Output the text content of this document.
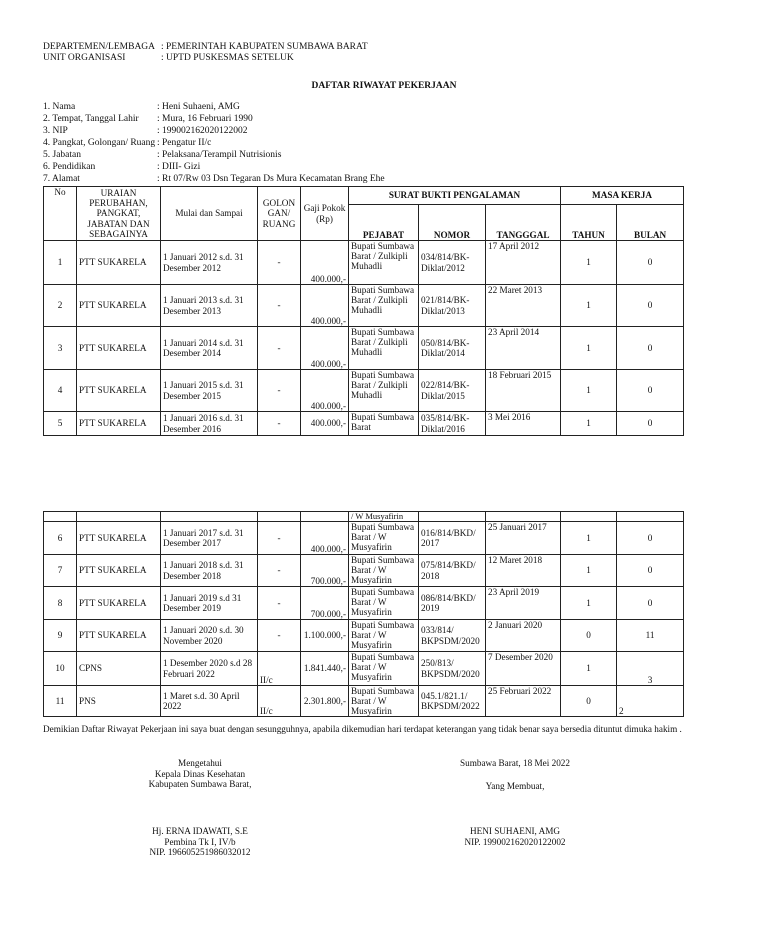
DEPARTEMEN/LEMBAGA : PEMERINTAH KABUPATEN SUMBAWA BARAT
UNIT ORGANISASI	: UPTD PUSKESMAS SETELUK
DAFTAR RIWAYAT PEKERJAAN
1. Nama	: Heni Suhaeni, AMG
2. Tempat, Tanggal Lahir	: Mura, 16 Februari 1990
3. NIP	: 199002162020122002
4. Pangkat, Golongan/ Ruang : Pengatur II/c
5. Jabatan	: Pelaksana/Terampil Nutrisionis
6. Pendidikan	: DIII- Gizi
7. Alamat	: Rt 07/Rw 03 Dsn Tegaran Ds Mura Kecamatan Brang Ehe
No	URAIAN PERUBAHAN, PANGKAT, JABATAN DAN SEBAGAINYA	Mulai dan Sampai	GOLON GAN/ RUANG	Gaji Pokok (Rp)	SURAT BUKTI PENGALAMAN			MASA KERJA	
					PEJABAT	NOMOR	TANGGGAL	TAHUN	BULAN
1	PTT SUKARELA	1 Januari 2012 s.d. 31 Desember 2012	-	400.000,-	Bupati Sumbawa Barat / Zulkipli Muhadli	034/814/BK-Diklat/2012	17 April 2012	1	0
2	PTT SUKARELA	1 Januari 2013 s.d. 31 Desember 2013	-	400.000,-	Bupati Sumbawa Barat / Zulkipli Muhadli	021/814/BK-Diklat/2013	22 Maret 2013	1	0
3	PTT SUKARELA	1 Januari 2014 s.d. 31 Desember 2014	-	400.000,-	Bupati Sumbawa Barat / Zulkipli Muhadli	050/814/BK-Diklat/2014	23 April 2014	1	0
4	PTT SUKARELA	1 Januari 2015 s.d. 31 Desember 2015	-	400.000,-	Bupati Sumbawa Barat / Zulkipli Muhadli	022/814/BK-Diklat/2015	18 Februari 2015	1	0
5	PTT SUKARELA	1 Januari 2016 s.d. 31 Desember 2016	-	400.000,-	Bupati Sumbawa Barat	035/814/BK-Diklat/2016	3 Mei 2016	1	0
					/ W Musyafirin				
6	PTT SUKARELA	1 Januari 2017 s.d. 31 Desember 2017	-	400.000,-	Bupati Sumbawa Barat / W Musyafirin	016/814/BKD/ 2017	25 Januari 2017	1	0
7	PTT SUKARELA	1 Januari 2018 s.d. 31 Desember 2018	-	700.000,-	Bupati Sumbawa Barat / W Musyafirin	075/814/BKD/ 2018	12 Maret 2018	1	0
8	PTT SUKARELA	1 Januari 2019 s.d 31 Desember 2019	-	700.000,-	Bupati Sumbawa Barat / W Musyafirin	086/814/BKD/ 2019	23 April 2019	1	0
9	PTT SUKARELA	1 Januari 2020 s.d. 30 November 2020	-	1.100.000,-	Bupati Sumbawa Barat / W Musyafirin	033/814/ BKPSDM/2020	2 Januari 2020	0	11
10	CPNS	1 Desember 2020 s.d 28 Februari 2022	II/c	1.841.440,-	Bupati Sumbawa Barat / W Musyafirin	250/813/ BKPSDM/2020	7 Desember 2020	1	3
11	PNS	1 Maret s.d. 30 April 2022	II/c	2.301.800,-	Bupati Sumbawa Barat / W Musyafirin	045.1/821.1/ BKPSDM/2022	25 Februari 2022	0	2
Demikian Daftar Riwayat Pekerjaan ini saya buat dengan sesungguhnya, apabila dikemudian hari terdapat keterangan yang tidak benar saya bersedia dituntut dimuka hakim .
Mengetahui
Kepala Dinas Kesehatan
Kabupaten Sumbawa Barat,
Hj. ERNA IDAWATI, S.E
Pembina Tk I, IV/b
NIP. 196605251986032012
Sumbawa Barat, 18 Mei 2022
Yang Membuat,
HENI SUHAENI, AMG
NIP. 199002162020122002
